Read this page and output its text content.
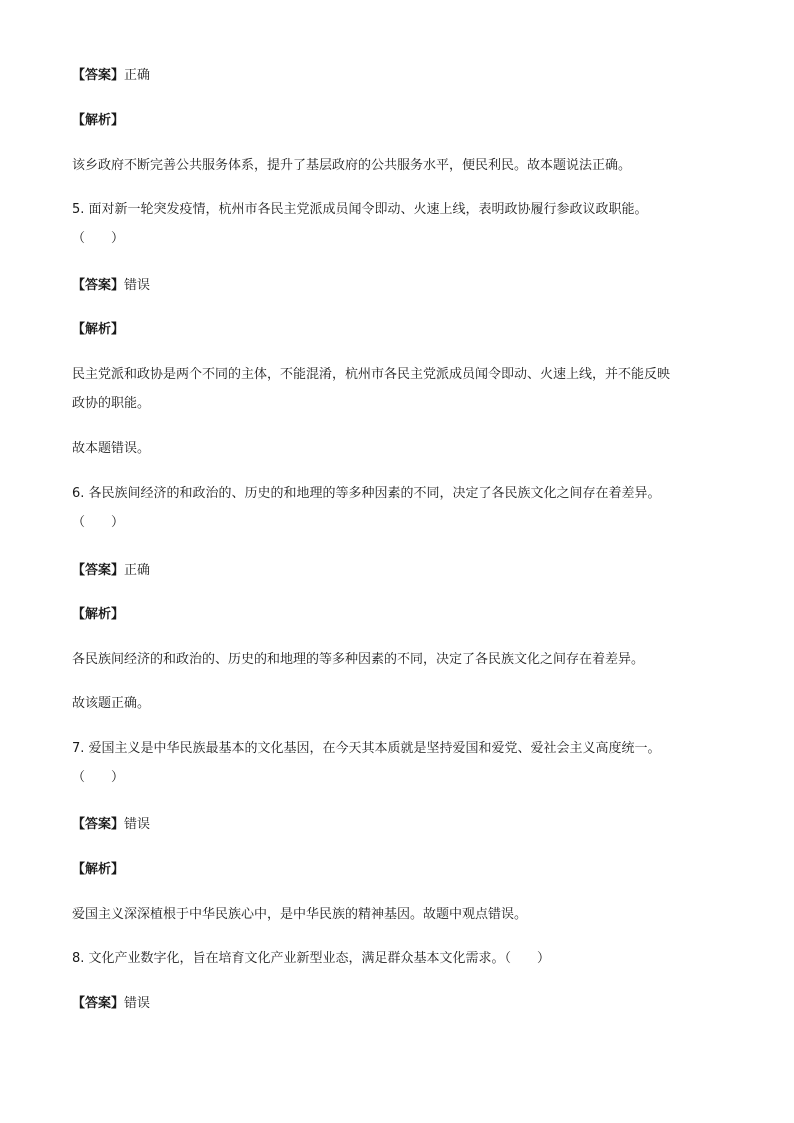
【答案】正确
【解析】
该乡政府不断完善公共服务体系，提升了基层政府的公共服务水平，便民利民。故本题说法正确。
5. 面对新一轮突发疫情，杭州市各民主党派成员闻令即动、火速上线，表明政协履行参政议政职能。
（　　）
【答案】错误
【解析】
民主党派和政协是两个不同的主体，不能混淆，杭州市各民主党派成员闻令即动、火速上线，并不能反映
政协的职能。
故本题错误。
6. 各民族间经济的和政治的、历史的和地理的等多种因素的不同，决定了各民族文化之间存在着差异。
（　　）
【答案】正确
【解析】
各民族间经济的和政治的、历史的和地理的等多种因素的不同，决定了各民族文化之间存在着差异。
故该题正确。
7. 爱国主义是中华民族最基本的文化基因，在今天其本质就是坚持爱国和爱党、爱社会主义高度统一。
（　　）
【答案】错误
【解析】
爱国主义深深植根于中华民族心中，是中华民族的精神基因。故题中观点错误。
8. 文化产业数字化，旨在培育文化产业新型业态，满足群众基本文化需求。（　　）
【答案】错误
